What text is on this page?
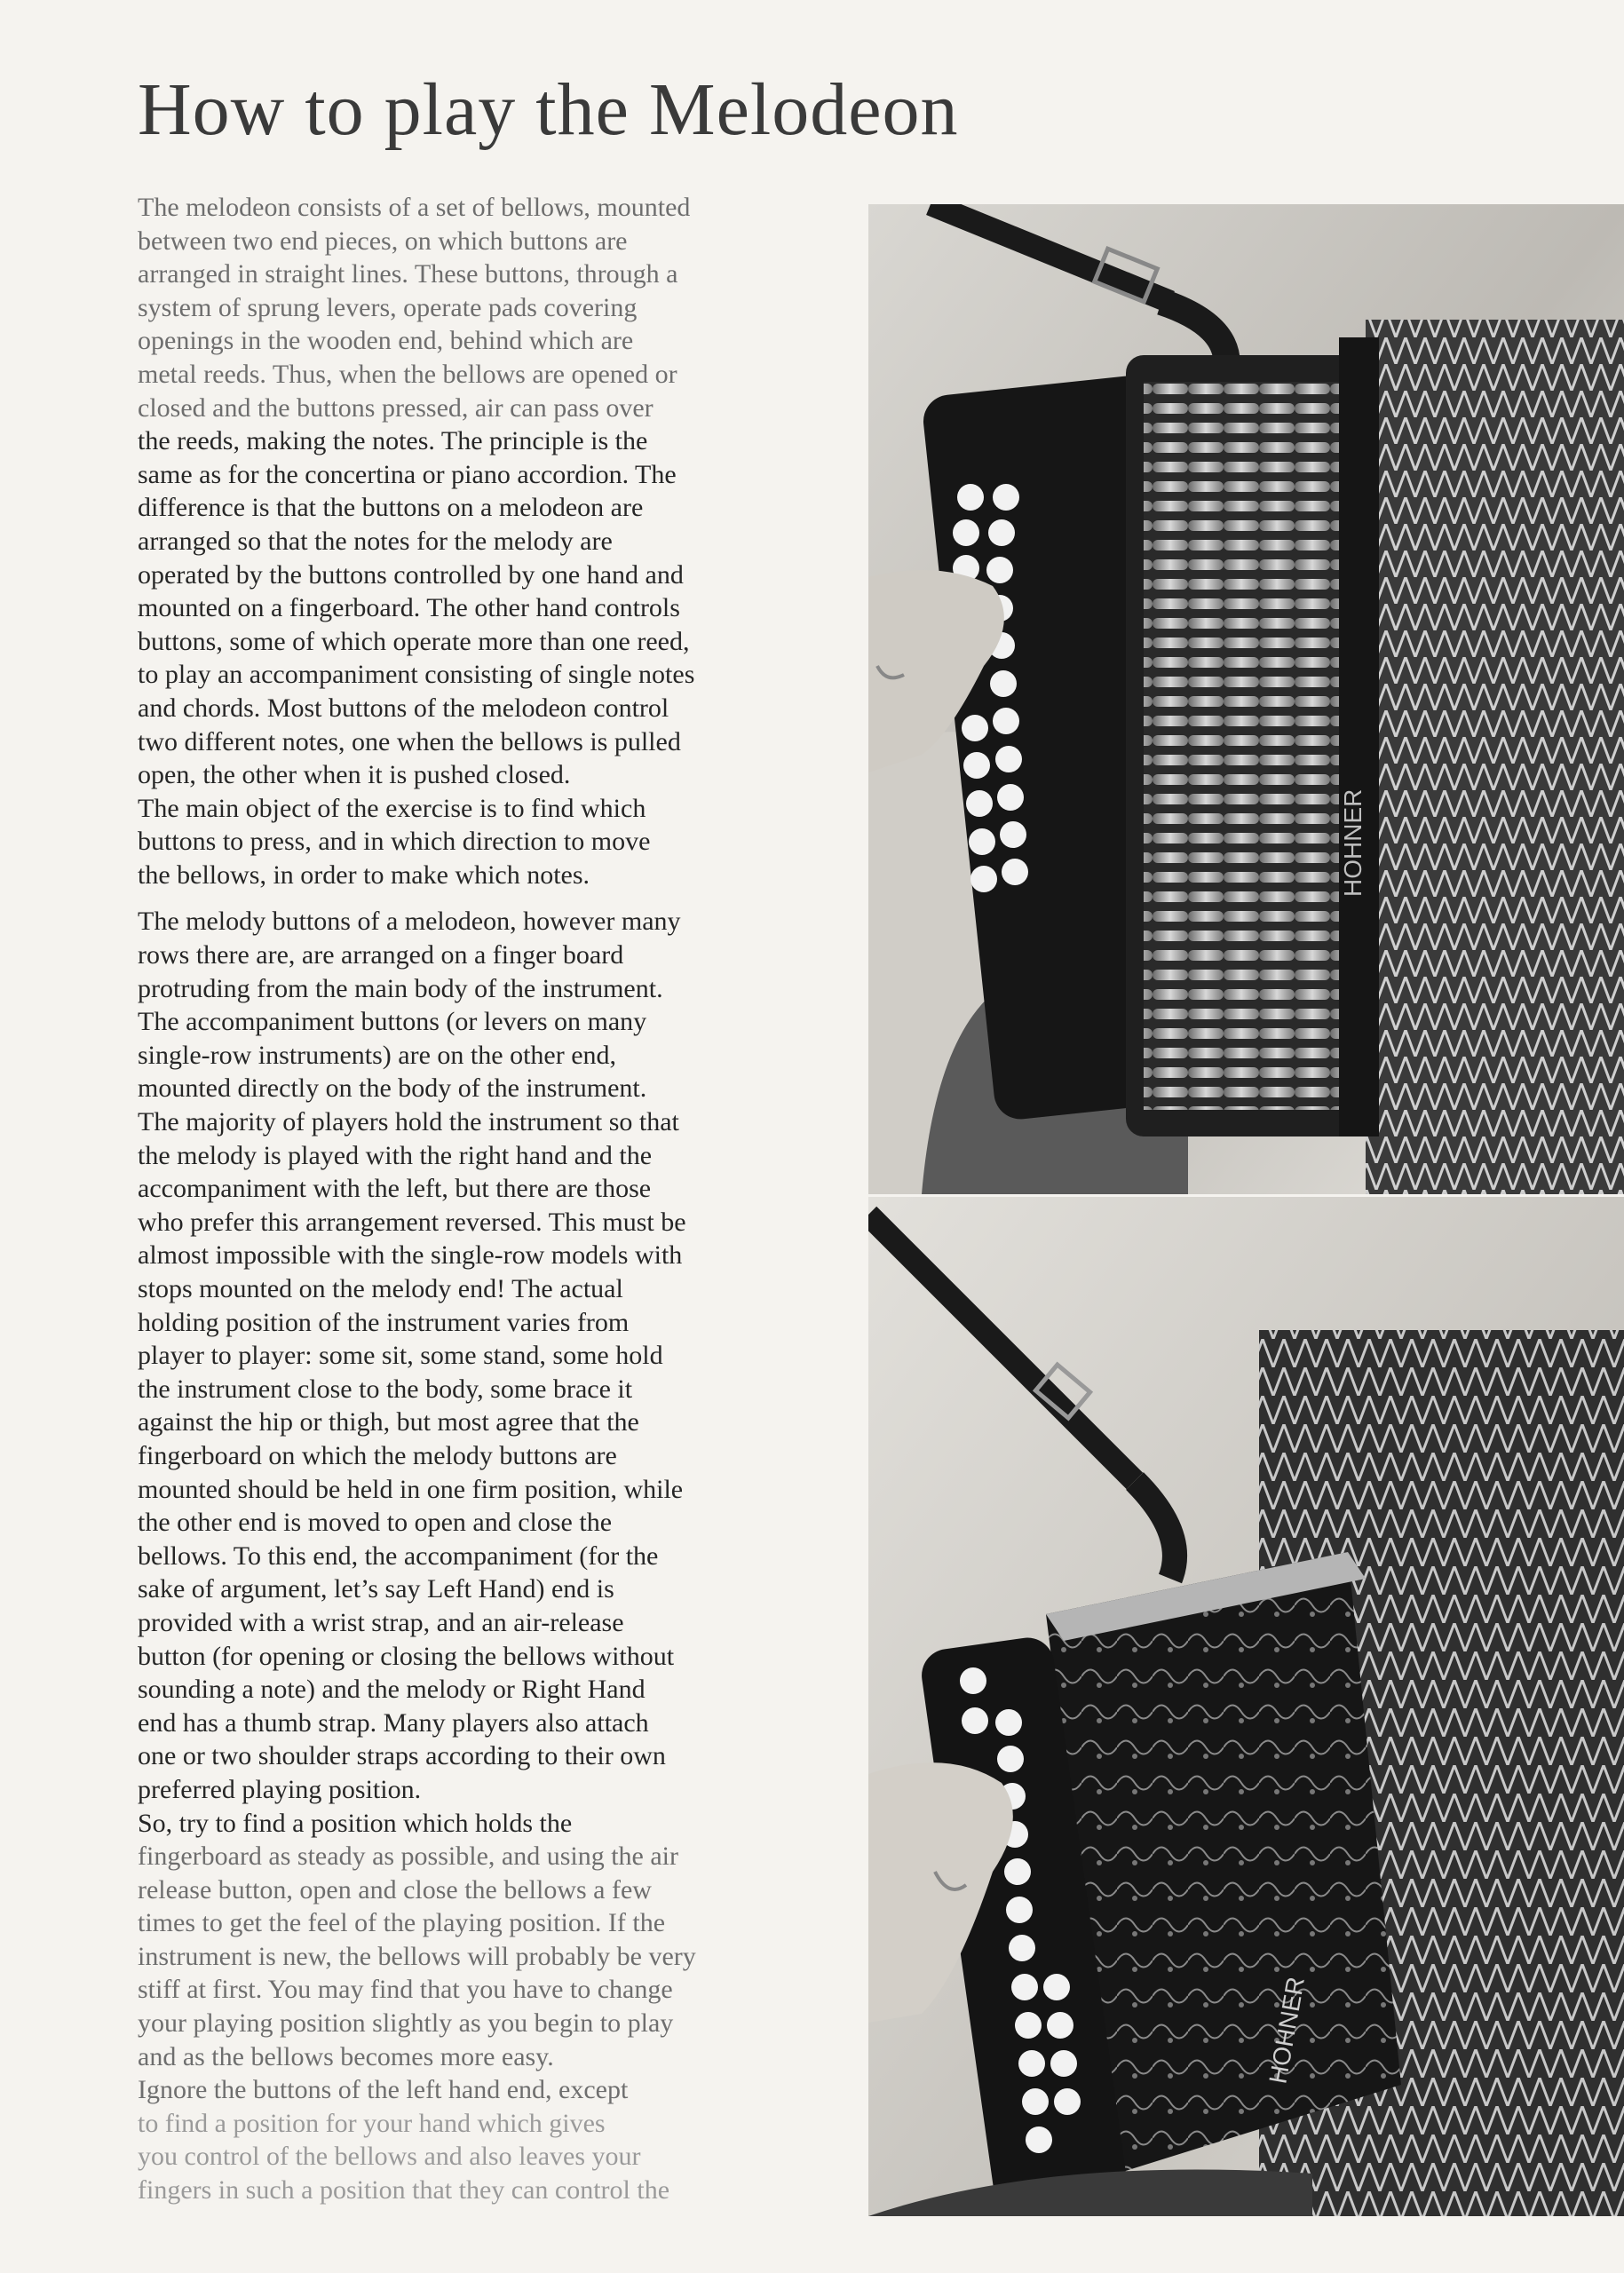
How to play the Melodeon

The melodeon consists of a set of bellows, mounted
between two end pieces, on which buttons are
arranged in straight lines. These buttons, through a
system of sprung levers, operate pads covering
openings in the wooden end, behind which are
metal reeds. Thus, when the bellows are opened or
closed and the buttons pressed, air can pass over
the reeds, making the notes. The principle is the
same as for the concertina or piano accordion. The
difference is that the buttons on a melodeon are
arranged so that the notes for the melody are
operated by the buttons controlled by one hand and
mounted on a fingerboard. The other hand controls
buttons, some of which operate more than one reed,
to play an accompaniment consisting of single notes
and chords. Most buttons of the melodeon control
two different notes, one when the bellows is pulled
open, the other when it is pushed closed.
The main object of the exercise is to find which
buttons to press, and in which direction to move
the bellows, in order to make which notes.

The melody buttons of a melodeon, however many
rows there are, are arranged on a finger board
protruding from the main body of the instrument.
The accompaniment buttons (or levers on many
single-row instruments) are on the other end,
mounted directly on the body of the instrument.
The majority of players hold the instrument so that
the melody is played with the right hand and the
accompaniment with the left, but there are those
who prefer this arrangement reversed. This must be
almost impossible with the single-row models with
stops mounted on the melody end! The actual
holding position of the instrument varies from
player to player: some sit, some stand, some hold
the instrument close to the body, some brace it
against the hip or thigh, but most agree that the
fingerboard on which the melody buttons are
mounted should be held in one firm position, while
the other end is moved to open and close the
bellows. To this end, the accompaniment (for the
sake of argument, let’s say Left Hand) end is
provided with a wrist strap, and an air-release
button (for opening or closing the bellows without
sounding a note) and the melody or Right Hand
end has a thumb strap. Many players also attach
one or two shoulder straps according to their own
preferred playing position.
So, try to find a position which holds the
fingerboard as steady as possible, and using the air
release button, open and close the bellows a few
times to get the feel of the playing position. If the
instrument is new, the bellows will probably be very
stiff at first. You may find that you have to change
your playing position slightly as you begin to play
and as the bellows becomes more easy.
Ignore the buttons of the left hand end, except
to find a position for your hand which gives
you control of the bellows and also leaves your
fingers in such a position that they can control the

HOHNER
HOHNER
